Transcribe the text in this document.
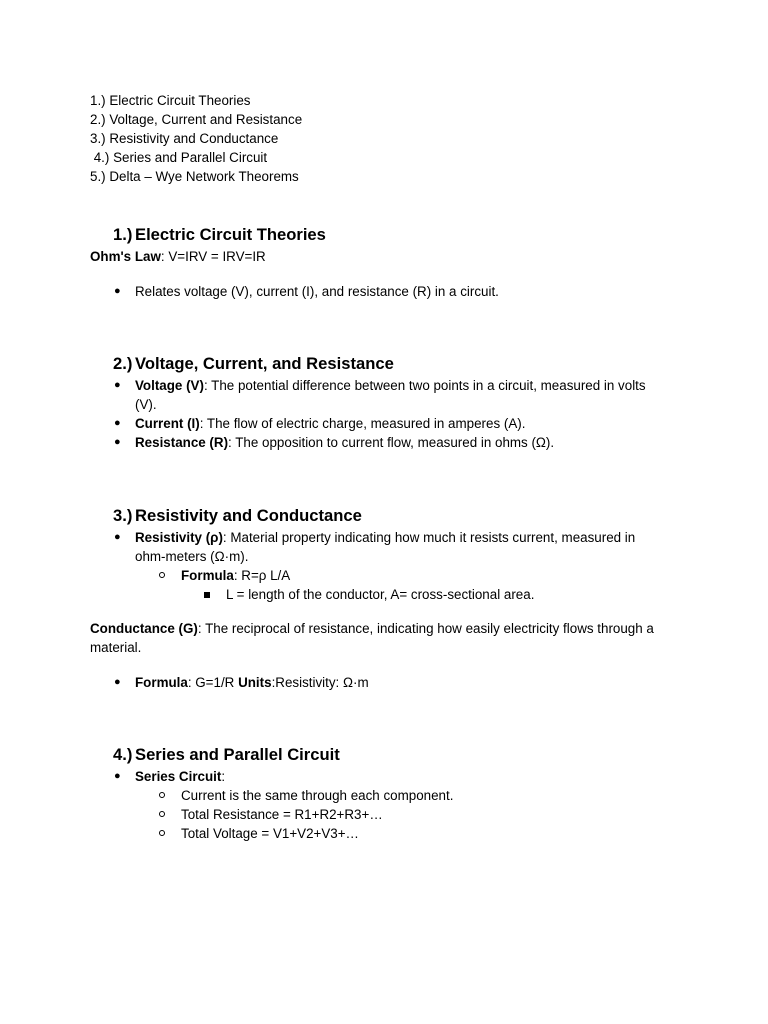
1.) Electric Circuit Theories
2.) Voltage, Current and Resistance
3.) Resistivity and Conductance
4.) Series and Parallel Circuit
5.) Delta – Wye Network Theorems
1.) Electric Circuit Theories
Ohm's Law: V=IRV = IRV=IR
● Relates voltage (V), current (I), and resistance (R) in a circuit.
2.) Voltage, Current, and Resistance
● Voltage (V): The potential difference between two points in a circuit, measured in volts (V).
● Current (I): The flow of electric charge, measured in amperes (A).
● Resistance (R): The opposition to current flow, measured in ohms (Ω).
3.) Resistivity and Conductance
● Resistivity (ρ): Material property indicating how much it resists current, measured in ohm-meters (Ω·m).
Formula: R=ρ L/A
L = length of the conductor, A= cross-sectional area.
Conductance (G): The reciprocal of resistance, indicating how easily electricity flows through a material.
● Formula: G=1/R Units:Resistivity: Ω·m
4.) Series and Parallel Circuit
● Series Circuit:
Current is the same through each component.
Total Resistance = R1+R2+R3+…
Total Voltage = V1+V2+V3+…
